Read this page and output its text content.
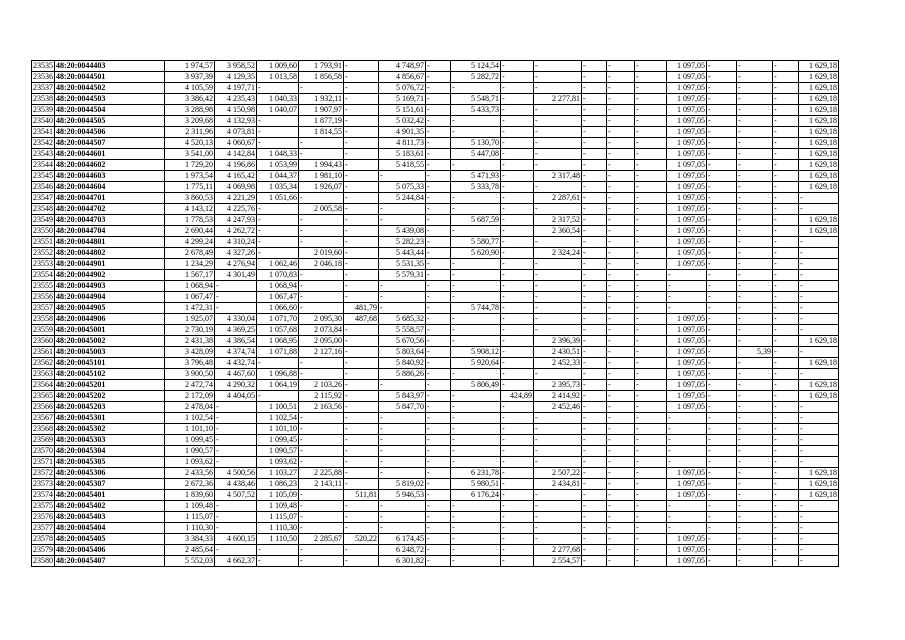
23535	48:20:0044403	1 974,57	3 958,52	1 009,60	1 793,91	-	4 748,97	-	5 124,54	-	-	-	-	-	1 097,05	-	-	-	1 629,18
23536	48:20:0044501	3 937,39	4 129,35	1 013,58	1 856,58	-	4 856,67	-	5 282,72	-	-	-	-	-	1 097,05	-	-	-	1 629,18
23537	48:20:0044502	4 105,59	4 197,71	-	-	-	5 076,72	-	-	-	-	-	-	-	1 097,05	-	-	-	1 629,18
23538	48:20:0044503	3 386,42	4 235,43	1 040,33	1 932,11	-	5 169,71	-	5 548,71	-	2 277,81	-	-	-	1 097,05	-	-	-	1 629,18
23539	48:20:0044504	3 288,98	4 150,98	1 040,07	1 907,97	-	5 151,61	-	5 433,73	-	-	-	-	-	1 097,05	-	-	-	1 629,18
23540	48:20:0044505	3 209,68	4 132,93	-	1 877,19	-	5 032,42	-	-	-	-	-	-	-	1 097,05	-	-	-	1 629,18
23541	48:20:0044506	2 311,96	4 073,81	-	1 814,55	-	4 901,35	-	-	-	-	-	-	-	1 097,05	-	-	-	1 629,18
23542	48:20:0044507	4 520,13	4 060,67	-	-	-	4 811,73	-	5 130,70	-	-	-	-	-	1 097,05	-	-	-	1 629,18
23543	48:20:0044601	3 541,00	4 142,84	1 048,33	-	-	5 183,61	-	5 447,08	-	-	-	-	-	1 097,05	-	-	-	1 629,18
23544	48:20:0044602	1 729,20	4 196,86	1 053,99	1 994,43	-	5 418,55	-	-	-	-	-	-	-	1 097,05	-	-	-	1 629,18
23545	48:20:0044603	1 973,54	4 165,42	1 044,37	1 981,10	-	-	-	5 471,93	-	2 317,48	-	-	-	1 097,05	-	-	-	1 629,18
23546	48:20:0044604	1 775,11	4 069,98	1 035,34	1 926,07	-	5 075,33	-	5 333,78	-	-	-	-	-	1 097,05	-	-	-	1 629,18
23547	48:20:0044701	3 860,53	4 221,29	1 051,66	-	-	5 244,84	-	-	-	2 287,61	-	-	-	1 097,05	-	-	-	-
23548	48:20:0044702	4 143,12	4 225,76	-	2 005,58	-	-	-	-	-	-	-	-	-	1 097,05	-	-	-	-
23549	48:20:0044703	1 778,53	4 247,93	-	-	-	-	-	5 687,59	-	2 317,52	-	-	-	1 097,05	-	-	-	1 629,18
23550	48:20:0044704	2 690,44	4 262,72	-	-	-	5 439,08	-	-	-	2 360,54	-	-	-	1 097,05	-	-	-	1 629,18
23551	48:20:0044801	4 299,24	4 310,24	-	-	-	5 282,23	-	5 580,77	-	-	-	-	-	1 097,05	-	-	-	-
23552	48:20:0044802	2 678,49	4 327,26	-	2 019,60	-	5 443,44	-	5 620,90	-	2 324,24	-	-	-	1 097,05	-	-	-	-
23553	48:20:0044901	1 234,29	4 276,94	1 062,46	2 046,18	-	5 531,35	-	-	-	-	-	-	-	1 097,05	-	-	-	-
23554	48:20:0044902	1 567,17	4 301,49	1 070,83	-	-	5 579,31	-	-	-	-	-	-	-	-	-	-	-	-
23555	48:20:0044903	1 068,94	-	1 068,94	-	-	-	-	-	-	-	-	-	-	-	-	-	-	-
23556	48:20:0044904	1 067,47	-	1 067,47	-	-	-	-	-	-	-	-	-	-	-	-	-	-	-
23557	48:20:0044905	1 472,31	-	1 066,60	-	481,79	-	-	5 744,78	-	-	-	-	-	-	-	-	-	-
23558	48:20:0044906	1 925,07	4 330,04	1 071,70	2 095,30	487,68	5 685,32	-	-	-	-	-	-	-	1 097,05	-	-	-	-
23559	48:20:0045001	2 730,19	4 369,25	1 057,68	2 073,84	-	5 558,57	-	-	-	-	-	-	-	1 097,05	-	-	-	-
23560	48:20:0045002	2 431,38	4 386,54	1 068,95	2 095,00	-	5 670,56	-	-	-	2 396,39	-	-	-	1 097,05	-	-	-	1 629,18
23561	48:20:0045003	3 428,09	4 374,74	1 071,88	2 127,16	-	5 803,64	-	5 908,12	-	2 430,51	-	-	-	1 097,05	-	5,39	-	-
23562	48:20:0045101	3 796,48	4 432,74	-	-	-	5 840,92	-	5 920,64	-	2 452,33	-	-	-	1 097,05	-	-	-	1 629,18
23563	48:20:0045102	3 900,50	4 467,60	1 096,88	-	-	5 886,26	-	-	-	-	-	-	-	1 097,05	-	-	-	-
23564	48:20:0045201	2 472,74	4 290,32	1 064,19	2 103,26	-	-	-	5 806,49	-	2 395,73	-	-	-	1 097,05	-	-	-	1 629,18
23565	48:20:0045202	2 172,09	4 404,05	-	2 115,92	-	5 843,97	-	-	424,89	2 414,92	-	-	-	1 097,05	-	-	-	1 629,18
23566	48:20:0045203	2 478,04	-	1 100,51	2 163,56	-	5 847,70	-	-	-	2 452,46	-	-	-	1 097,05	-	-	-	-
23567	48:20:0045301	1 102,54	-	1 102,54	-	-	-	-	-	-	-	-	-	-	-	-	-	-	-
23568	48:20:0045302	1 101,10	-	1 101,10	-	-	-	-	-	-	-	-	-	-	-	-	-	-	-
23569	48:20:0045303	1 099,45	-	1 099,45	-	-	-	-	-	-	-	-	-	-	-	-	-	-	-
23570	48:20:0045304	1 090,57	-	1 090,57	-	-	-	-	-	-	-	-	-	-	-	-	-	-	-
23571	48:20:0045305	1 093,62	-	1 093,62	-	-	-	-	-	-	-	-	-	-	-	-	-	-	-
23572	48:20:0045306	2 433,56	4 500,56	1 103,27	2 225,88	-	-	-	6 231,78	-	2 507,22	-	-	-	1 097,05	-	-	-	1 629,18
23573	48:20:0045307	2 672,36	4 438,46	1 086,23	2 143,11	-	5 819,02	-	5 980,51	-	2 434,81	-	-	-	1 097,05	-	-	-	1 629,18
23574	48:20:0045401	1 839,60	4 507,52	1 105,09	-	511,81	5 946,53	-	6 176,24	-	-	-	-	-	1 097,05	-	-	-	1 629,18
23575	48:20:0045402	1 109,48	-	1 109,48	-	-	-	-	-	-	-	-	-	-	-	-	-	-	-
23576	48:20:0045403	1 115,07	-	1 115,07	-	-	-	-	-	-	-	-	-	-	-	-	-	-	-
23577	48:20:0045404	1 110,30	-	1 110,30	-	-	-	-	-	-	-	-	-	-	-	-	-	-	-
23578	48:20:0045405	3 384,33	4 600,15	1 110,50	2 285,67	520,22	6 174,45	-	-	-	-	-	-	-	1 097,05	-	-	-	-
23579	48:20:0045406	2 485,64	-	-	-	-	6 248,72	-	-	-	2 277,68	-	-	-	1 097,05	-	-	-	-
23580	48:20:0045407	5 552,03	4 662,37	-	-	-	6 301,82	-	-	-	2 554,57	-	-	-	1 097,05	-	-	-	-
